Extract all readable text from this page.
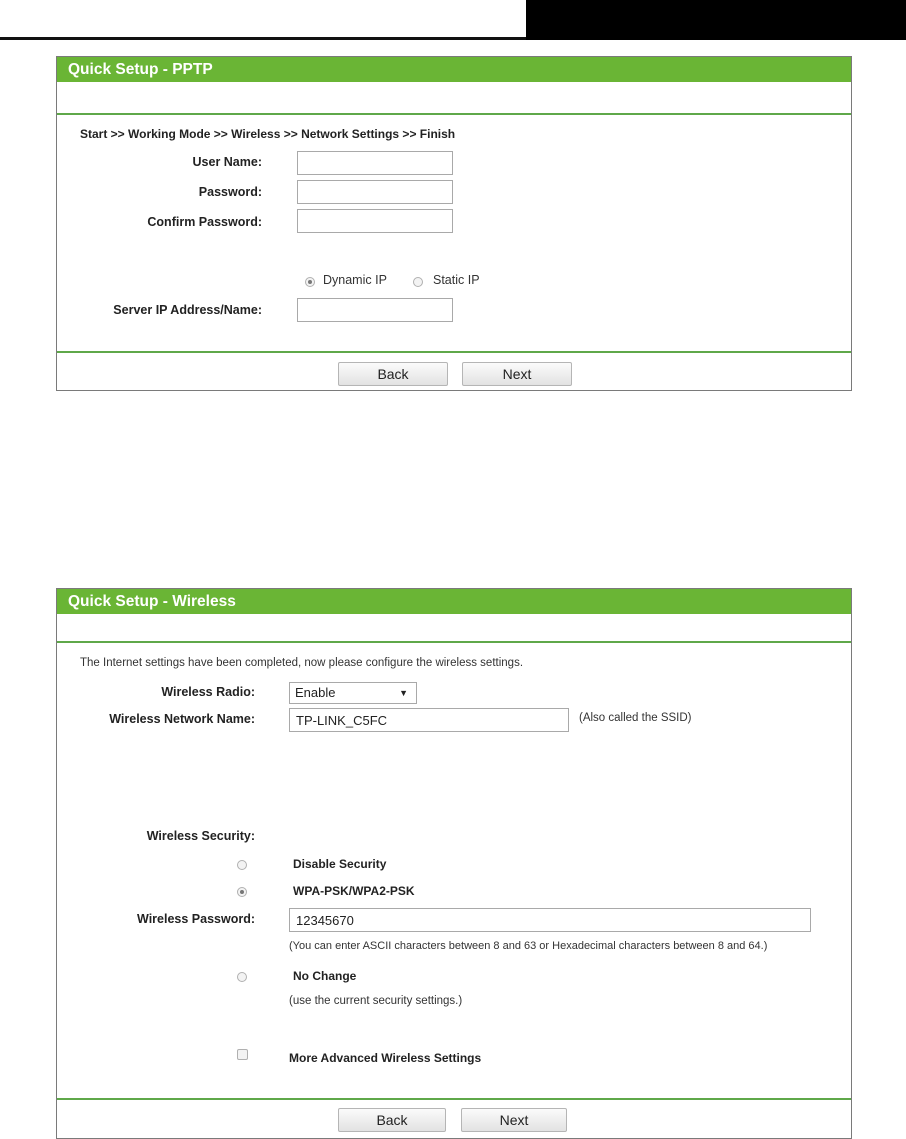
Quick Setup - PPTP
Start >> Working Mode >> Wireless >> Network Settings >> Finish
User Name:
Password:
Confirm Password:
Dynamic IP	Static IP
Server IP Address/Name:
Back	Next
Quick Setup - Wireless
The Internet settings have been completed, now please configure the wireless settings.
Wireless Radio:	Enable	▼
Wireless Network Name:
TP-LINK_C5FC	(Also called the SSID)
Wireless Security:
Disable Security
WPA-PSK/WPA2-PSK
Wireless Password:
12345670
(You can enter ASCII characters between 8 and 63 or Hexadecimal characters between 8 and 64.)
No Change
(use the current security settings.)
More Advanced Wireless Settings
Back	Next
